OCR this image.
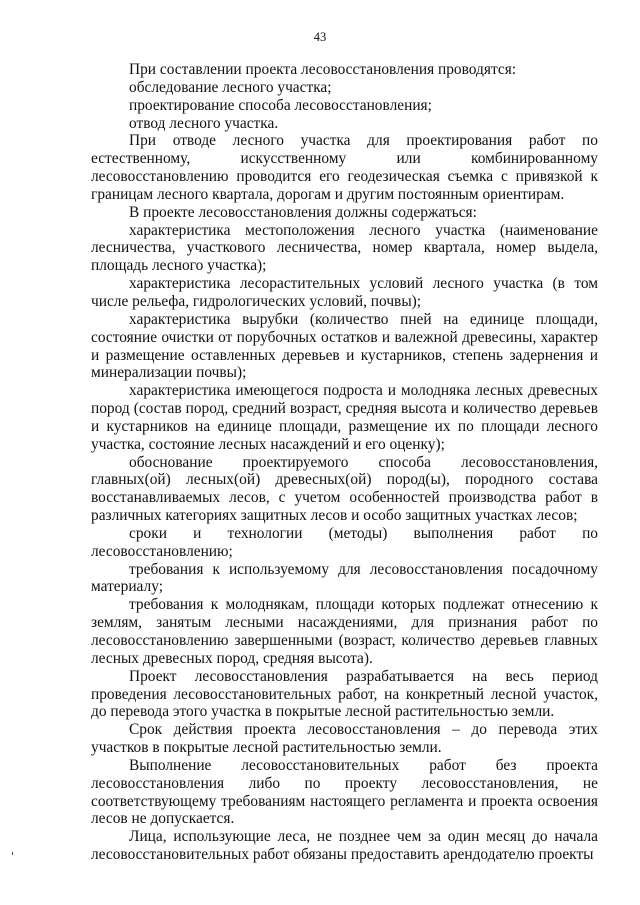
43

При составлении проекта лесовосстановления проводятся:

обследование лесного участка;

проектирование способа лесовосстановления;

отвод лесного участка.

При отводе лесного участка для проектирования работ по естественному, искусственному или комбинированному лесовосстановлению проводится его геодезическая съемка с привязкой к границам лесного квартала, дорогам и другим постоянным ориентирам.

В проекте лесовосстановления должны содержаться:

характеристика местоположения лесного участка (наименование лесничества, участкового лесничества, номер квартала, номер выдела, площадь лесного участка);

характеристика лесорастительных условий лесного участка (в том числе рельефа, гидрологических условий, почвы);

характеристика вырубки (количество пней на единице площади, состояние очистки от порубочных остатков и валежной древесины, характер и размещение оставленных деревьев и кустарников, степень задернения и минерализации почвы);

характеристика имеющегося подроста и молодняка лесных древесных пород (состав пород, средний возраст, средняя высота и количество деревьев и кустарников на единице площади, размещение их по площади лесного участка, состояние лесных насаждений и его оценку);

обоснование проектируемого способа лесовосстановления, главных(ой) лесных(ой) древесных(ой) пород(ы), породного состава восстанавливаемых лесов, с учетом особенностей производства работ в различных категориях защитных лесов и особо защитных участках лесов;

сроки и технологии (методы) выполнения работ по лесовосстановлению;

требования к используемому для лесовосстановления посадочному материалу;

требования к молоднякам, площади которых подлежат отнесению к землям, занятым лесными насаждениями, для признания работ по лесовосстановлению завершенными (возраст, количество деревьев главных лесных древесных пород, средняя высота).

Проект лесовосстановления разрабатывается на весь период проведения лесовосстановительных работ, на конкретный лесной участок, до перевода этого участка в покрытые лесной растительностью земли.

Срок действия проекта лесовосстановления – до перевода этих участков в покрытые лесной растительностью земли.

Выполнение лесовосстановительных работ без проекта лесовосстановления либо по проекту лесовосстановления, не соответствующему требованиям настоящего регламента и проекта освоения лесов не допускается.

Лица, использующие леса, не позднее чем за один месяц до начала лесовосстановительных работ обязаны предоставить арендодателю проекты
